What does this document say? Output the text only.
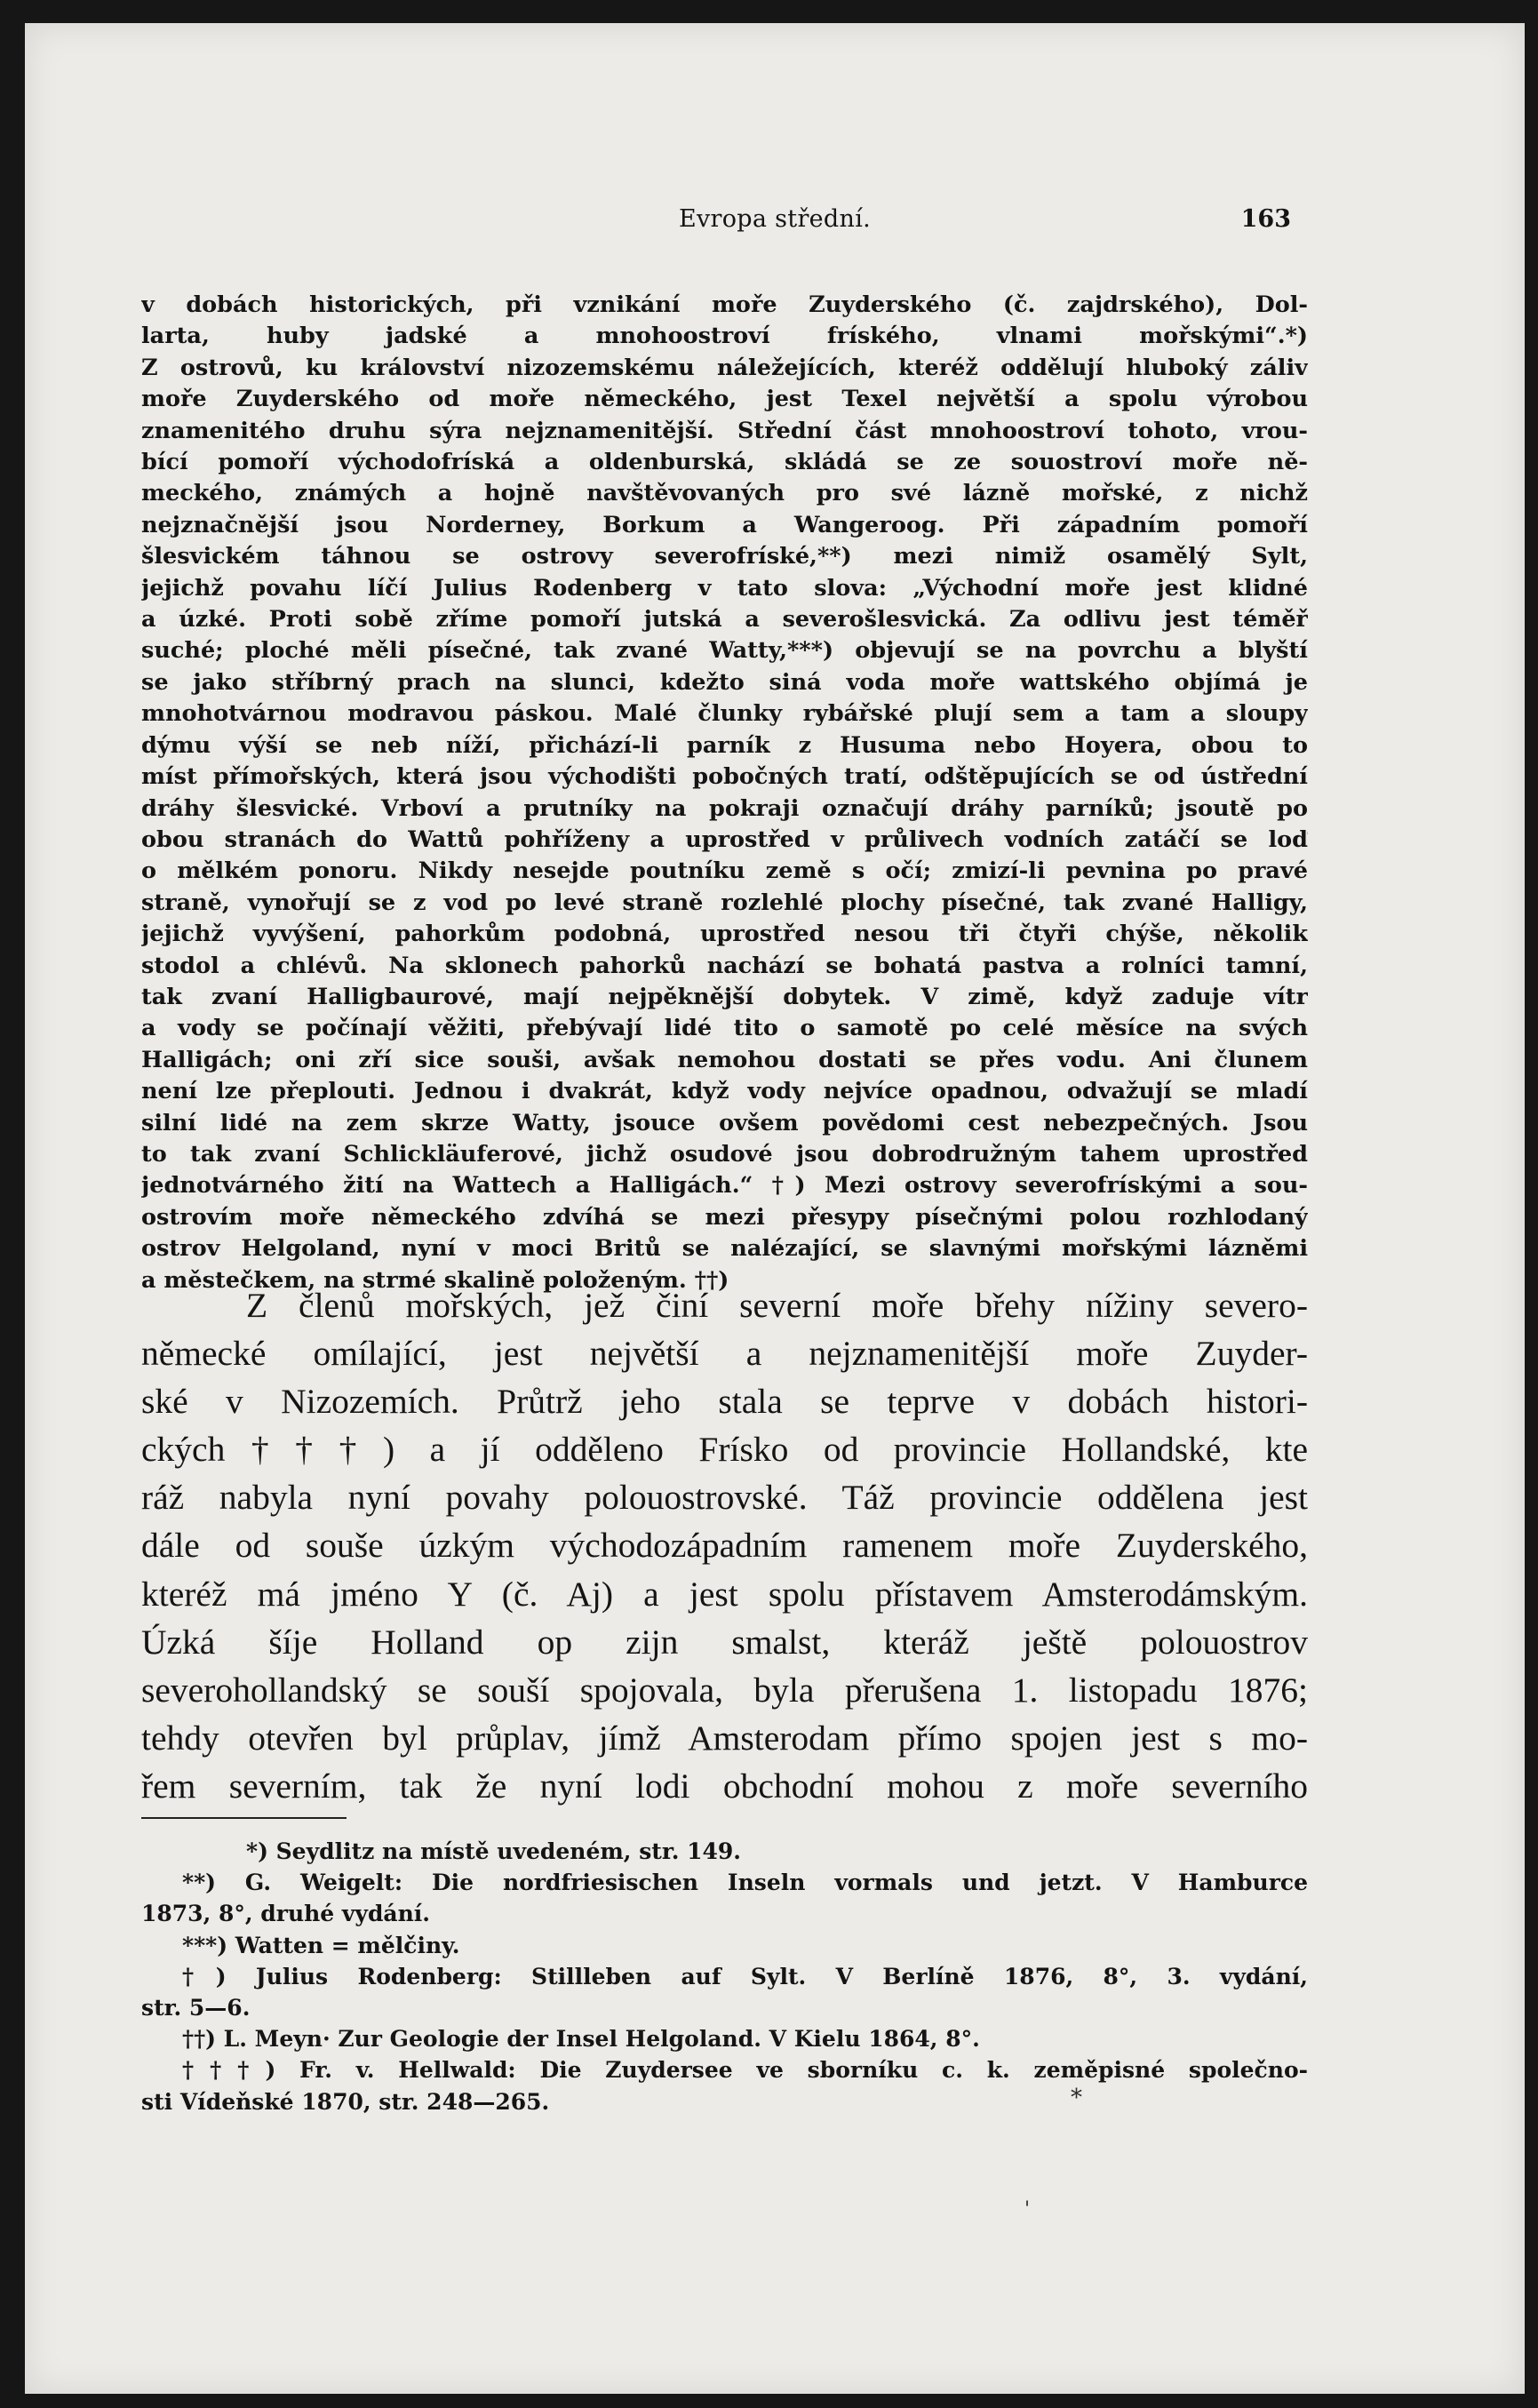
Evropa střední.	163
v dobách historických, při vznikání moře Zuyderského (č. zajdrského), Dol-
larta, huby jadské a mnohoostroví fríského, vlnami mořskými“.*)
Z ostrovů, ku království nizozemskému náležejících, kteréž oddělují hluboký záliv
moře Zuyderského od moře německého, jest Texel největší a spolu výrobou
znamenitého druhu sýra nejznamenitější. Střední část mnohoostroví tohoto, vrou-
bící pomoří východofríská a oldenburská, skládá se ze souostroví moře ně-
meckého, známých a hojně navštěvovaných pro své lázně mořské, z nichž
nejznačnější jsou Norderney, Borkum a Wangeroog. Při západním pomoří
šlesvickém táhnou se ostrovy severofríské,**) mezi nimiž osamělý Sylt,
jejichž povahu líčí Julius Rodenberg v tato slova: „Východní moře jest klidné
a úzké. Proti sobě zříme pomoří jutská a severošlesvická. Za odlivu jest téměř
suché; ploché měli písečné, tak zvané Watty,***) objevují se na povrchu a blyští
se jako stříbrný prach na slunci, kdežto siná voda moře wattského objímá je
mnohotvárnou modravou páskou. Malé člunky rybářské plují sem a tam a sloupy
dýmu výší se neb níží, přichází-li parník z Husuma nebo Hoyera, obou to
míst přímořských, která jsou východišti pobočných tratí, odštěpujících se od ústřední
dráhy šlesvické. Vrboví a prutníky na pokraji označují dráhy parníků; jsoutě po
obou stranách do Wattů pohříženy a uprostřed v průlivech vodních zatáčí se loď
o mělkém ponoru. Nikdy nesejde poutníku země s očí; zmizí-li pevnina po pravé
straně, vynořují se z vod po levé straně rozlehlé plochy písečné, tak zvané Halligy,
jejichž vyvýšení, pahorkům podobná, uprostřed nesou tři čtyři chýše, několik
stodol a chlévů. Na sklonech pahorků nachází se bohatá pastva a rolníci tamní,
tak zvaní Halligbaurové, mají nejpěknější dobytek. V zimě, když zaduje vítr
a vody se počínají věžiti, přebývají lidé tito o samotě po celé měsíce na svých
Halligách; oni zří sice souši, avšak nemohou dostati se přes vodu. Ani člunem
není lze přeplouti. Jednou i dvakrát, když vody nejvíce opadnou, odvažují se mladí
silní lidé na zem skrze Watty, jsouce ovšem povědomi cest nebezpečných. Jsou
to tak zvaní Schlickläuferové, jichž osudové jsou dobrodružným tahem uprostřed
jednotvárného žití na Wattech a Halligách.“ †) Mezi ostrovy severofrískými a sou-
ostrovím moře německého zdvíhá se mezi přesypy písečnými polou rozhlodaný
ostrov Helgoland, nyní v moci Britů se nalézající, se slavnými mořskými lázněmi
a městečkem, na strmé skalině položeným. ††)
Z členů mořských, jež činí severní moře břehy nížiny severo-
německé omílající, jest největší a nejznamenitější moře Zuyder-
ské v Nizozemích. Průtrž jeho stala se teprve v dobách histori-
ckých†††) a jí odděleno Frísko od provincie Hollandské, kte
ráž nabyla nyní povahy polouostrovské. Táž provincie oddělena jest
dále od souše úzkým východozápadním ramenem moře Zuyderského,
kteréž má jméno Y (č. Aj) a jest spolu přístavem Amsterodámským.
Úzká šíje Holland op zijn smalst, kteráž ještě polouostrov
severohollandský se souší spojovala, byla přerušena 1. listopadu 1876;
tehdy otevřen byl průplav, jímž Amsterodam přímo spojen jest s mo-
řem severním, tak že nyní lodi obchodní mohou z moře severního
*) Seydlitz na místě uvedeném, str. 149.
**) G. Weigelt: Die nordfriesischen Inseln vormals und jetzt. V Hamburce
1873, 8°, druhé vydání.
***) Watten = mělčiny.
†) Julius Rodenberg: Stillleben auf Sylt. V Berlíně 1876, 8°, 3. vydání,
str. 5—6.
††) L. Meyn· Zur Geologie der Insel Helgoland. V Kielu 1864, 8°.
†††) Fr. v. Hellwald: Die Zuydersee ve sborníku c. k. zeměpisné společno-
sti Vídeňské 1870, str. 248—265.	*
'
